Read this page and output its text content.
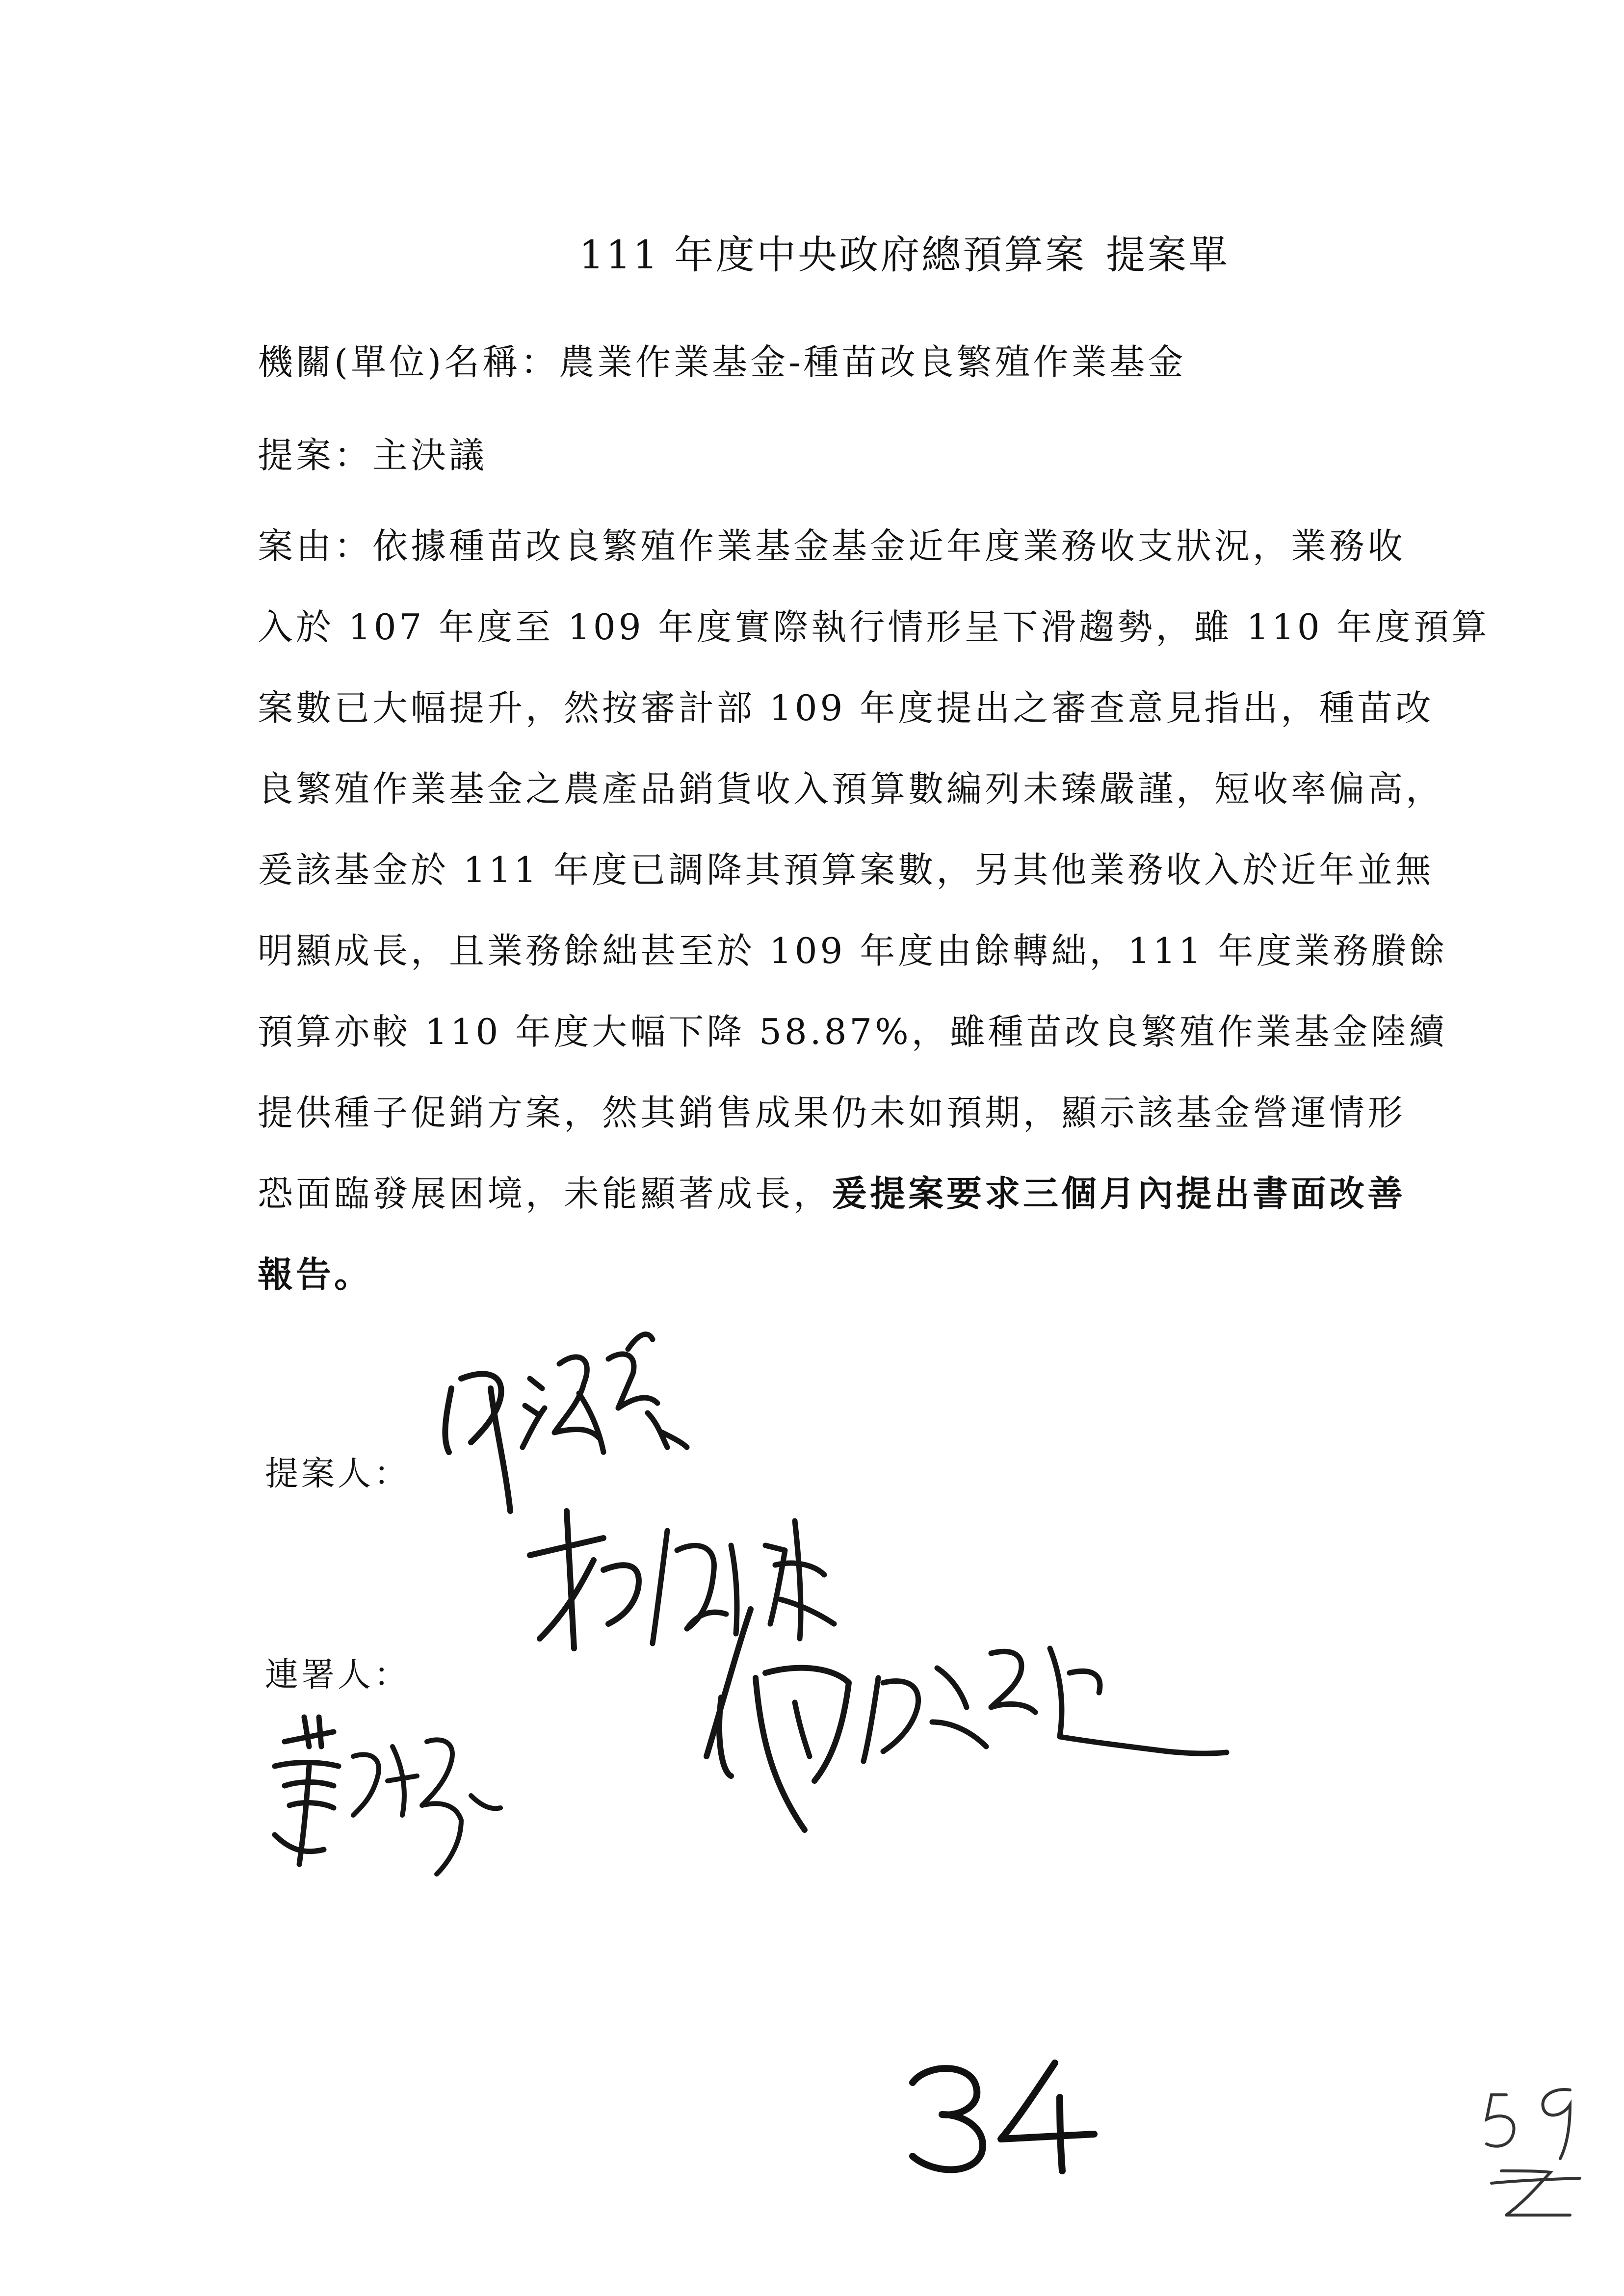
111 年度中央政府總預算案 提案單
機關(單位)名稱：農業作業基金-種苗改良繁殖作業基金
提案：主決議
案由：依據種苗改良繁殖作業基金基金近年度業務收支狀況，業務收
入於 107 年度至 109 年度實際執行情形呈下滑趨勢，雖 110 年度預算
案數已大幅提升，然按審計部 109 年度提出之審查意見指出，種苗改
良繁殖作業基金之農產品銷貨收入預算數編列未臻嚴謹，短收率偏高，
爰該基金於 111 年度已調降其預算案數，另其他業務收入於近年並無
明顯成長，且業務餘絀甚至於 109 年度由餘轉絀，111 年度業務賸餘
預算亦較 110 年度大幅下降 58.87%，雖種苗改良繁殖作業基金陸續
提供種子促銷方案，然其銷售成果仍未如預期，顯示該基金營運情形
恐面臨發展困境，未能顯著成長，爰提案要求三個月內提出書面改善
報告。
提案人：
連署人：
